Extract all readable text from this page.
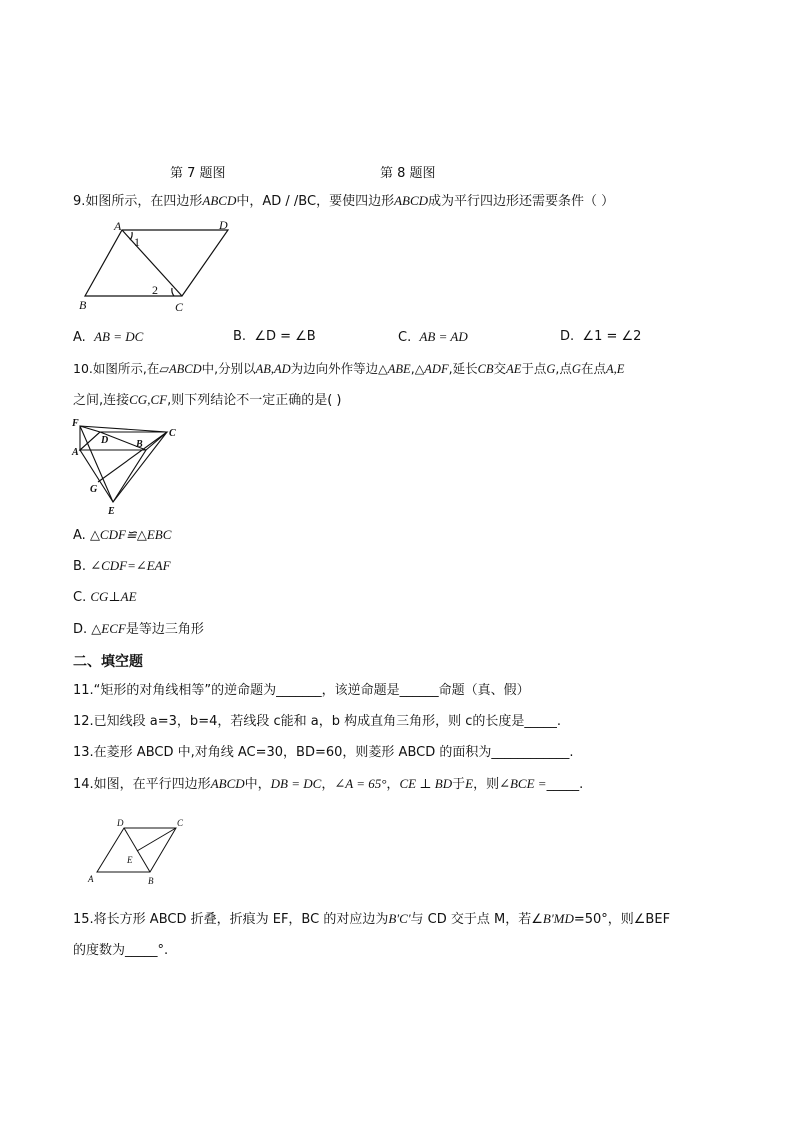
第 7 题图	第 8 题图
9.如图所示，在四边形ABCD中，AD / /BC，要使四边形ABCD成为平行四边形还需要条件（ ）
A	D
B	C
1
2
A. AB = DC	B. ∠D = ∠B	C. AB = AD	D. ∠1 = ∠2
10.如图所示,在▱ABCD中,分别以AB,AD为边向外作等边△ABE,△ADF,延长CB交AE于点G,点G在点A,E
之间,连接CG,CF,则下列结论不一定正确的是( )
F
D
A
B
C
G
E
A. △CDF≌△EBC
B. ∠CDF=∠EAF
C. CG⊥AE
D. △ECF是等边三角形
二、填空题
11.“矩形的对角线相等”的逆命题为_______，该逆命题是______命题（真、假）
12.已知线段 a=3，b=4，若线段 c能和 a，b 构成直角三角形，则 c的长度是_____.
13.在菱形 ABCD 中,对角线 AC=30，BD=60，则菱形 ABCD 的面积为____________.
14.如图，在平行四边形ABCD中，DB = DC，∠A = 65°，CE ⊥ BD于E，则∠BCE =_____.
D	C
E
A	B
15.将长方形 ABCD 折叠，折痕为 EF，BC 的对应边为B'C'与 CD 交于点 M，若∠B'MD=50°，则∠BEF
的度数为_____°.
